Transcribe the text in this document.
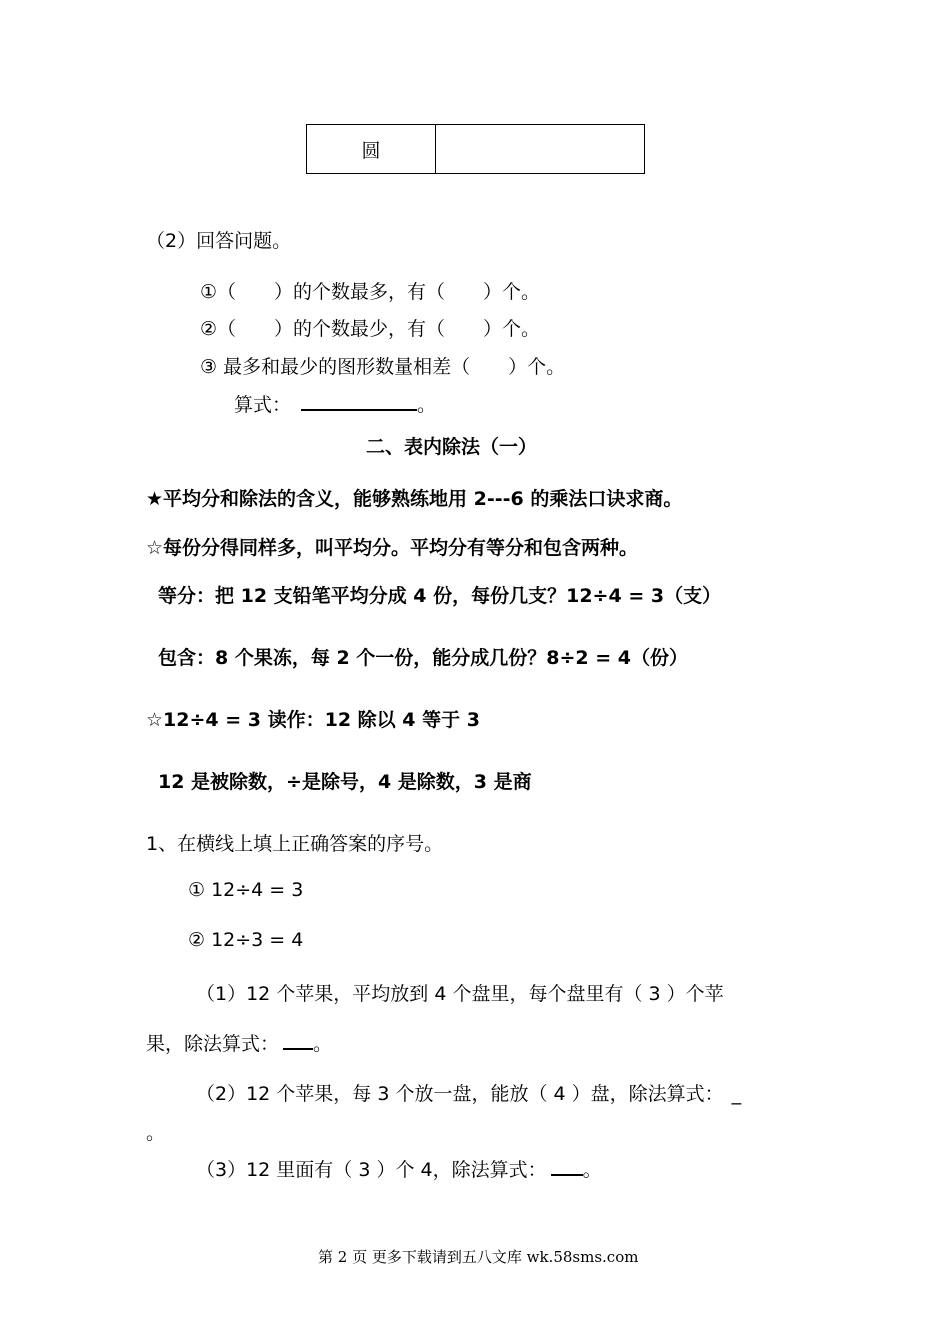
圆	
（2）回答问题。
①（　　）的个数最多，有（　　）个。
②（　　）的个数最少，有（　　）个。
③ 最多和最少的图形数量相差（　　）个。
算式：	。
二、表内除法（一）
★平均分和除法的含义，能够熟练地用 2---6 的乘法口诀求商。
☆每份分得同样多，叫平均分。平均分有等分和包含两种。
等分：把 12 支铅笔平均分成 4 份，每份几支？12÷4 = 3（支）
包含：8 个果冻，每 2 个一份，能分成几份？8÷2 = 4（份）
☆12÷4 = 3 读作：12 除以 4 等于 3
12 是被除数，÷是除号，4 是除数，3 是商
1、在横线上填上正确答案的序号。
① 12÷4 = 3
② 12÷3 = 4
（1）12 个苹果，平均放到 4 个盘里，每个盘里有（ 3 ）个苹
果，除法算式： 。
（2）12 个苹果，每 3 个放一盘，能放（ 4 ）盘，除法算式： _
。
（3）12 里面有（ 3 ）个 4，除法算式： 。
第 2 页 更多下载请到五八文库 wk.58sms.com
